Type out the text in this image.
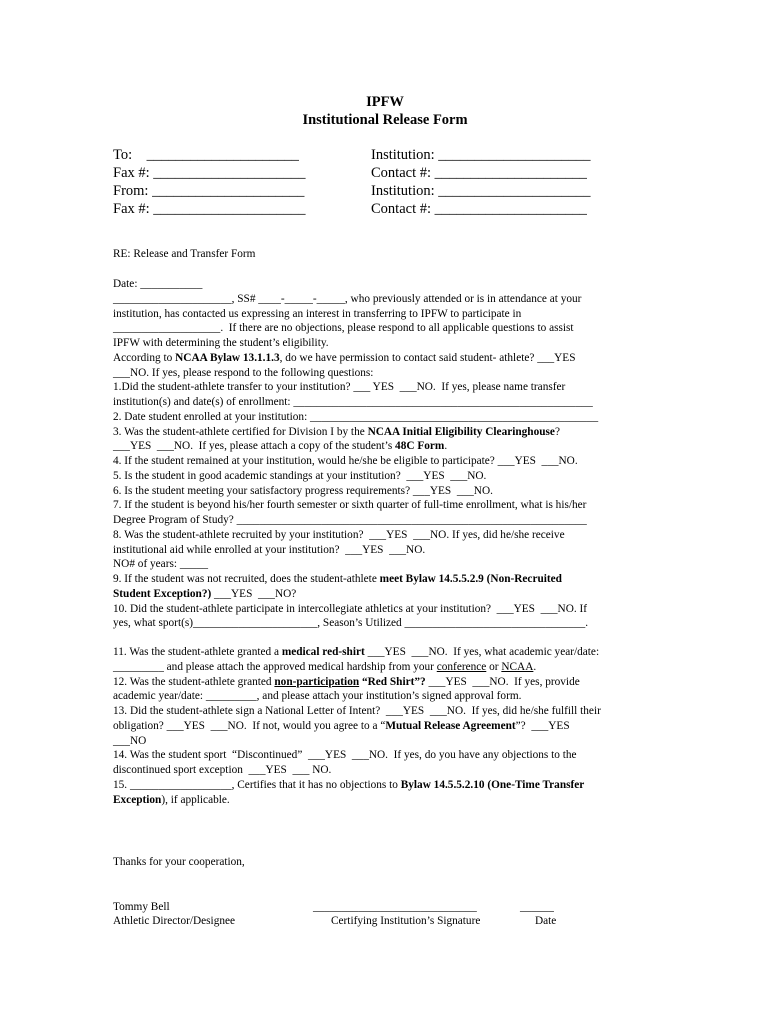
IPFW
Institutional Release Form
To:    _____________________
Fax #: _____________________
From: _____________________
Fax #: _____________________
Institution: _____________________
Contact #: _____________________
Institution: _____________________
Contact #: _____________________
RE: Release and Transfer Form
Date: ___________
_____________________, SS# ____-_____-_____, who previously attended or is in attendance at your
institution, has contacted us expressing an interest in transferring to IPFW to participate in
___________________.  If there are no objections, please respond to all applicable questions to assist
IPFW with determining the student’s eligibility.
According to NCAA Bylaw 13.1.1.3, do we have permission to contact said student- athlete? ___YES
___NO. If yes, please respond to the following questions:
1.Did the student-athlete transfer to your institution? ___ YES  ___NO.  If yes, please name transfer
institution(s) and date(s) of enrollment: _____________________________________________________
2. Date student enrolled at your institution: ___________________________________________________
3. Was the student-athlete certified for Division I by the NCAA Initial Eligibility Clearinghouse?
___YES  ___NO.  If yes, please attach a copy of the student’s 48C Form.
4. If the student remained at your institution, would he/she be eligible to participate? ___YES  ___NO.
5. Is the student in good academic standings at your institution?  ___YES  ___NO.
6. Is the student meeting your satisfactory progress requirements? ___YES  ___NO.
7. If the student is beyond his/her fourth semester or sixth quarter of full-time enrollment, what is his/her
Degree Program of Study? ______________________________________________________________
8. Was the student-athlete recruited by your institution?  ___YES  ___NO. If yes, did he/she receive
institutional aid while enrolled at your institution?  ___YES  ___NO.
NO# of years: _____
9. If the student was not recruited, does the student-athlete meet Bylaw 14.5.5.2.9 (Non-Recruited
Student Exception?) ___YES  ___NO?
10. Did the student-athlete participate in intercollegiate athletics at your institution?  ___YES  ___NO. If
yes, what sport(s)______________________, Season’s Utilized ________________________________.
11. Was the student-athlete granted a medical red-shirt ___YES  ___NO.  If yes, what academic year/date:
_________ and please attach the approved medical hardship from your conference or NCAA.
12. Was the student-athlete granted non-participation “Red Shirt”? ___YES  ___NO.  If yes, provide
academic year/date: _________, and please attach your institution’s signed approval form.
13. Did the student-athlete sign a National Letter of Intent?  ___YES  ___NO.  If yes, did he/she fulfill their
obligation? ___YES  ___NO.  If not, would you agree to a “Mutual Release Agreement”?  ___YES
___NO
14. Was the student sport  “Discontinued”  ___YES  ___NO.  If yes, do you have any objections to the
discontinued sport exception  ___YES  ___ NO.
15. __________________, Certifies that it has no objections to Bylaw 14.5.5.2.10 (One-Time Transfer
Exception), if applicable.
Thanks for your cooperation,
Tommy Bell
Athletic Director/Designee
_____________________________
Certifying Institution’s Signature
______
Date
